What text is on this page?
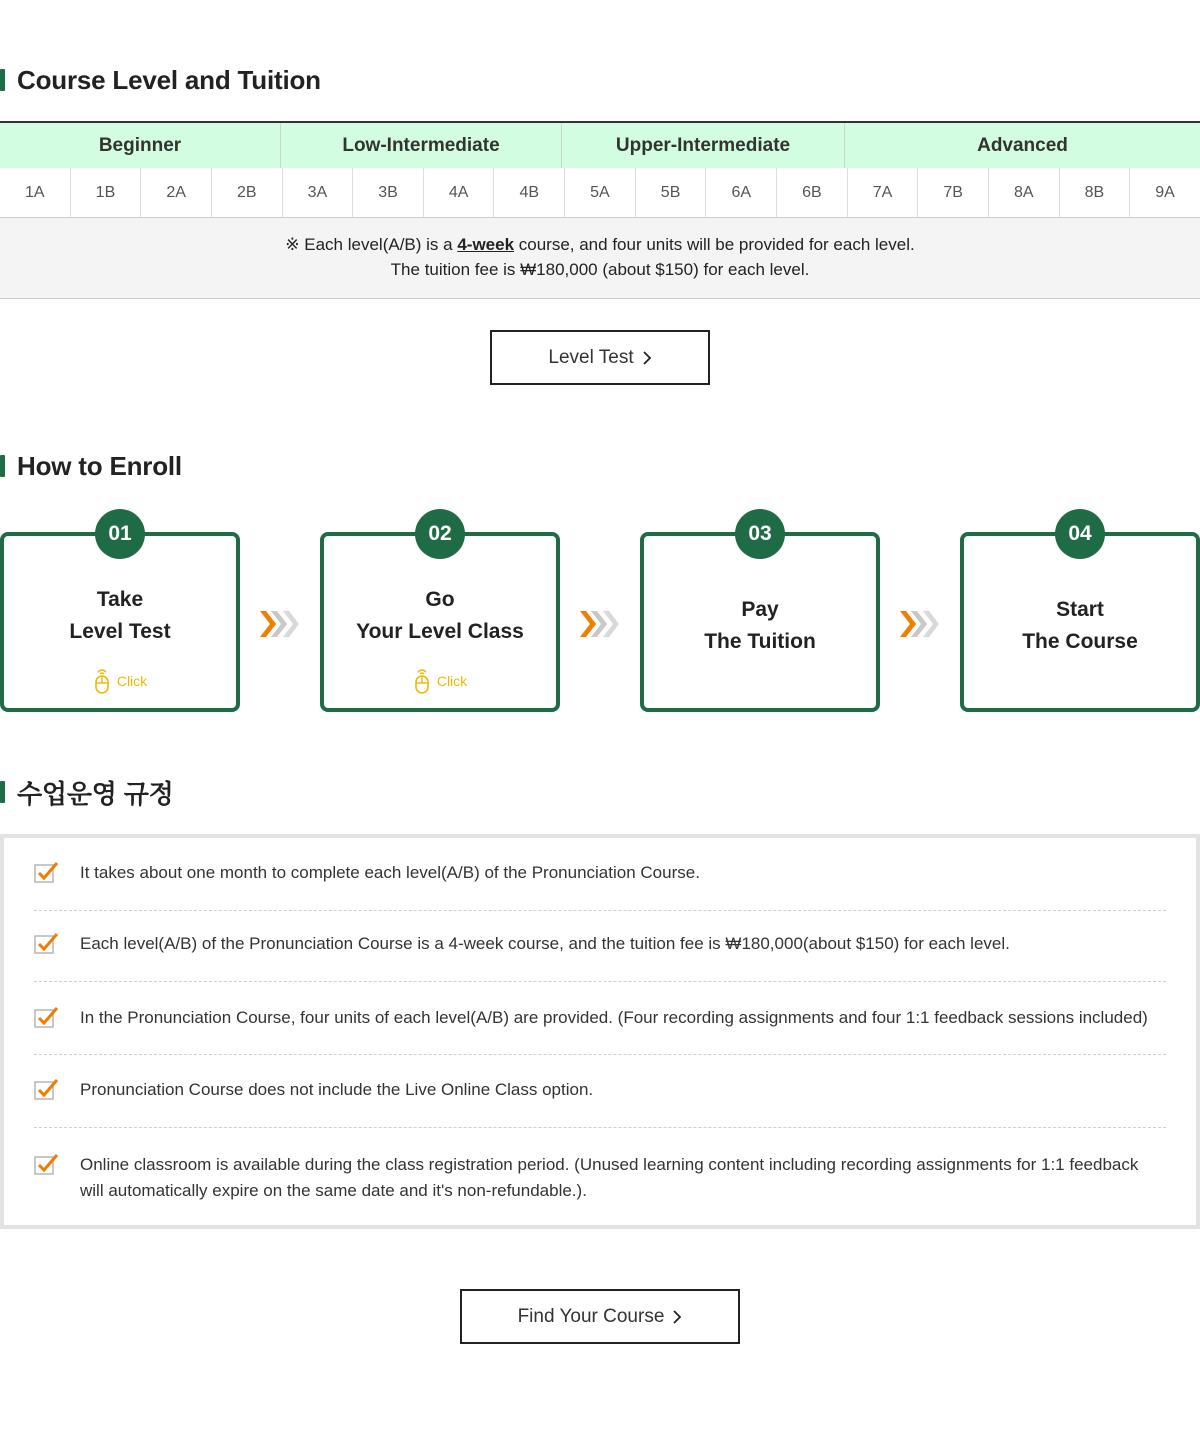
Course Level and Tuition
Beginner	Low-Intermediate	Upper-Intermediate	Advanced
1A	1B	2A	2B	3A	3B	4A	4B	5A	5B	6A	6B	7A	7B	8A	8B	9A
※ Each level(A/B) is a 4-week course, and four units will be provided for each level.
The tuition fee is ₩180,000 (about $150) for each level.
Level Test
How to Enroll
01
Take
Level Test
Click
02
Go
Your Level Class
Click
03
Pay
The Tuition
04
Start
The Course
수업운영 규정
It takes about one month to complete each level(A/B) of the Pronunciation Course.
Each level(A/B) of the Pronunciation Course is a 4-week course, and the tuition fee is ₩180,000(about $150) for each level.
In the Pronunciation Course, four units of each level(A/B) are provided. (Four recording assignments and four 1:1 feedback sessions included)
Pronunciation Course does not include the Live Online Class option.
Online classroom is available during the class registration period. (Unused learning content including recording assignments for 1:1 feedback will automatically expire on the same date and it's non-refundable.).
Find Your Course
